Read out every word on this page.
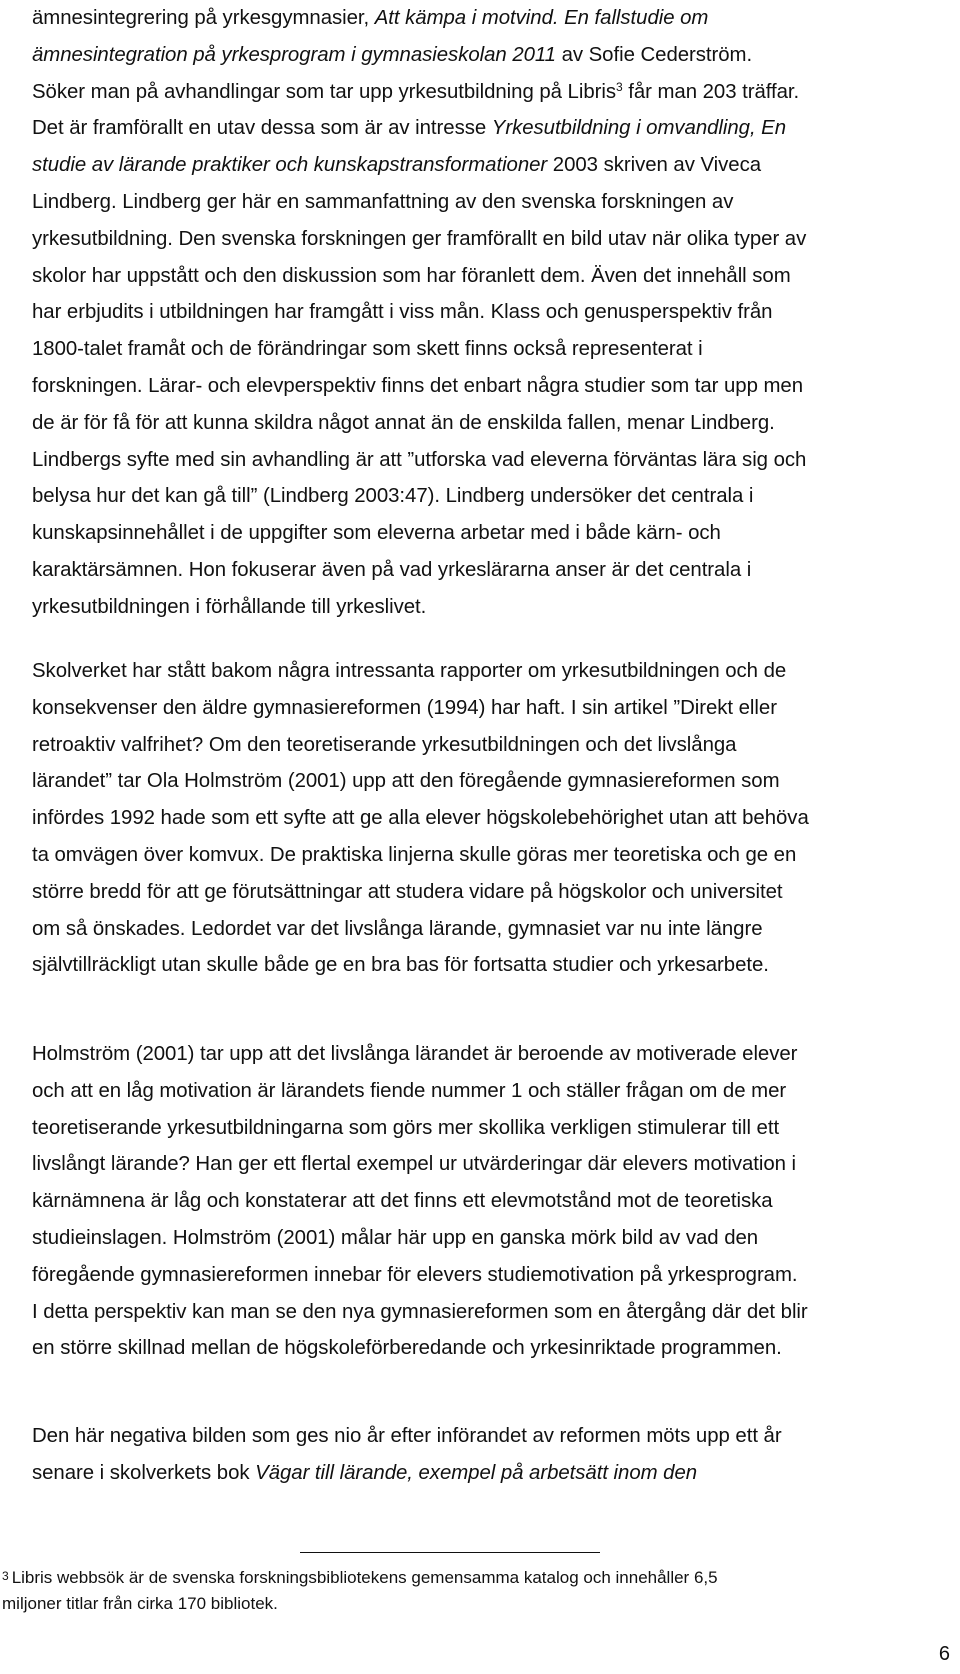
ämnesintegrering på yrkesgymnasier, Att kämpa i motvind. En fallstudie om
ämnesintegration på yrkesprogram i gymnasieskolan 2011 av Sofie Cederström.
Söker man på avhandlingar som tar upp yrkesutbildning på Libris$^3$ får man 203 träffar.
Det är framförallt en utav dessa som är av intresse Yrkesutbildning i omvandling, En
studie av lärande praktiker och kunskapstransformationer 2003 skriven av Viveca
Lindberg. Lindberg ger här en sammanfattning av den svenska forskningen av
yrkesutbildning. Den svenska forskningen ger framförallt en bild utav när olika typer av
skolor har uppstått och den diskussion som har föranlett dem. Även det innehåll som
har erbjudits i utbildningen har framgått i viss mån. Klass och genusperspektiv från
1800-talet framåt och de förändringar som skett finns också representerat i
forskningen. Lärar- och elevperspektiv finns det enbart några studier som tar upp men
de är för få för att kunna skildra något annat än de enskilda fallen, menar Lindberg.
Lindbergs syfte med sin avhandling är att ”utforska vad eleverna förväntas lära sig och
belysa hur det kan gå till” (Lindberg 2003:47). Lindberg undersöker det centrala i
kunskapsinnehållet i de uppgifter som eleverna arbetar med i både kärn- och
karaktärsämnen. Hon fokuserar även på vad yrkeslärarna anser är det centrala i
yrkesutbildningen i förhållande till yrkeslivet.

Skolverket har stått bakom några intressanta rapporter om yrkesutbildningen och de
konsekvenser den äldre gymnasiereformen (1994) har haft. I sin artikel ”Direkt eller
retroaktiv valfrihet? Om den teoretiserande yrkesutbildningen och det livslånga
lärandet” tar Ola Holmström (2001) upp att den föregående gymnasiereformen som
infördes 1992 hade som ett syfte att ge alla elever högskolebehörighet utan att behöva
ta omvägen över komvux. De praktiska linjerna skulle göras mer teoretiska och ge en
större bredd för att ge förutsättningar att studera vidare på högskolor och universitet
om så önskades. Ledordet var det livslånga lärande, gymnasiet var nu inte längre
självtillräckligt utan skulle både ge en bra bas för fortsatta studier och yrkesarbete.

Holmström (2001) tar upp att det livslånga lärandet är beroende av motiverade elever
och att en låg motivation är lärandets fiende nummer 1 och ställer frågan om de mer
teoretiserande yrkesutbildningarna som görs mer skollika verkligen stimulerar till ett
livslångt lärande? Han ger ett flertal exempel ur utvärderingar där elevers motivation i
kärnämnena är låg och konstaterar att det finns ett elevmotstånd mot de teoretiska
studieinslagen. Holmström (2001) målar här upp en ganska mörk bild av vad den
föregående gymnasiereformen innebar för elevers studiemotivation på yrkesprogram.
I detta perspektiv kan man se den nya gymnasiereformen som en återgång där det blir
en större skillnad mellan de högskoleförberedande och yrkesinriktade programmen.

Den här negativa bilden som ges nio år efter införandet av reformen möts upp ett år
senare i skolverkets bok Vägar till lärande, exempel på arbetsätt inom den

$^3$ Libris webbsök är de svenska forskningsbibliotekens gemensamma katalog och innehåller 6,5
miljoner titlar från cirka 170 bibliotek.

6
